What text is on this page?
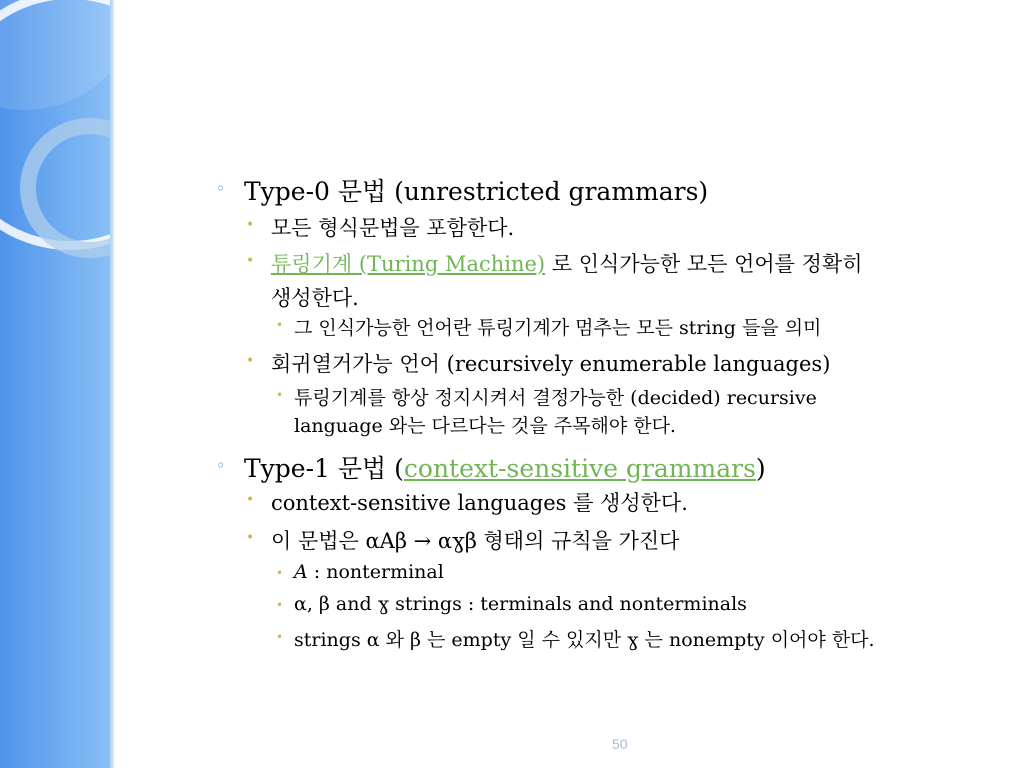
◦ Type-0 문법 (unrestricted grammars)
• 모든 형식문법을 포함한다.
• 튜링기계 (Turing Machine) 로 인식가능한 모든 언어를 정확히
생성한다.
• 그 인식가능한 언어란 튜링기계가 멈추는 모든 string 들을 의미
• 회귀열거가능 언어 (recursively enumerable languages)
• 튜링기계를 항상 정지시켜서 결정가능한 (decided) recursive
language 와는 다르다는 것을 주목해야 한다.
◦ Type-1 문법 (context-sensitive grammars)
• context-sensitive languages 를 생성한다.
• 이 문법은 αAβ → αɣβ 형태의 규칙을 가진다
• A : nonterminal
• α, β and ɣ strings : terminals and nonterminals
• strings α 와 β 는 empty 일 수 있지만 ɣ 는 nonempty 이어야 한다.
50
